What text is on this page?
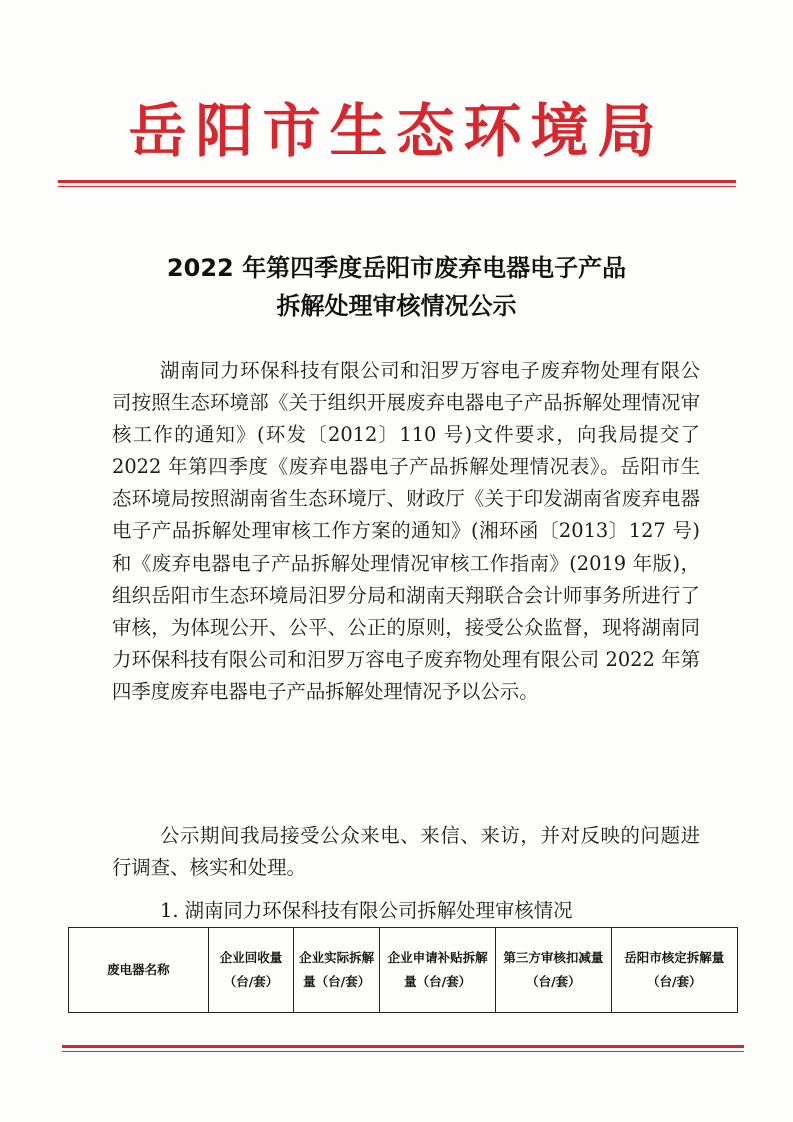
岳阳市生态环境局
2022 年第四季度岳阳市废弃电器电子产品
拆解处理审核情况公示

湖南同力环保科技有限公司和汨罗万容电子废弃物处理有限公司按照生态环境部《关于组织开展废弃电器电子产品拆解处理情况审核工作的通知》(环发〔2012〕110 号)文件要求，向我局提交了 2022 年第四季度《废弃电器电子产品拆解处理情况表》。岳阳市生态环境局按照湖南省生态环境厅、财政厅《关于印发湖南省废弃电器电子产品拆解处理审核工作方案的通知》(湘环函〔2013〕127 号)和《废弃电器电子产品拆解处理情况审核工作指南》(2019 年版)，组织岳阳市生态环境局汨罗分局和湖南天翔联合会计师事务所进行了审核，为体现公开、公平、公正的原则，接受公众监督，现将湖南同力环保科技有限公司和汨罗万容电子废弃物处理有限公司 2022 年第四季度废弃电器电子产品拆解处理情况予以公示。

公示期间我局接受公众来电、来信、来访，并对反映的问题进行调查、核实和处理。

1. 湖南同力环保科技有限公司拆解处理审核情况

废电器名称	企业回收量（台/套）	企业实际拆解量（台/套）	企业申请补贴拆解量（台/套）	第三方审核扣减量（台/套）	岳阳市核定拆解量（台/套）
